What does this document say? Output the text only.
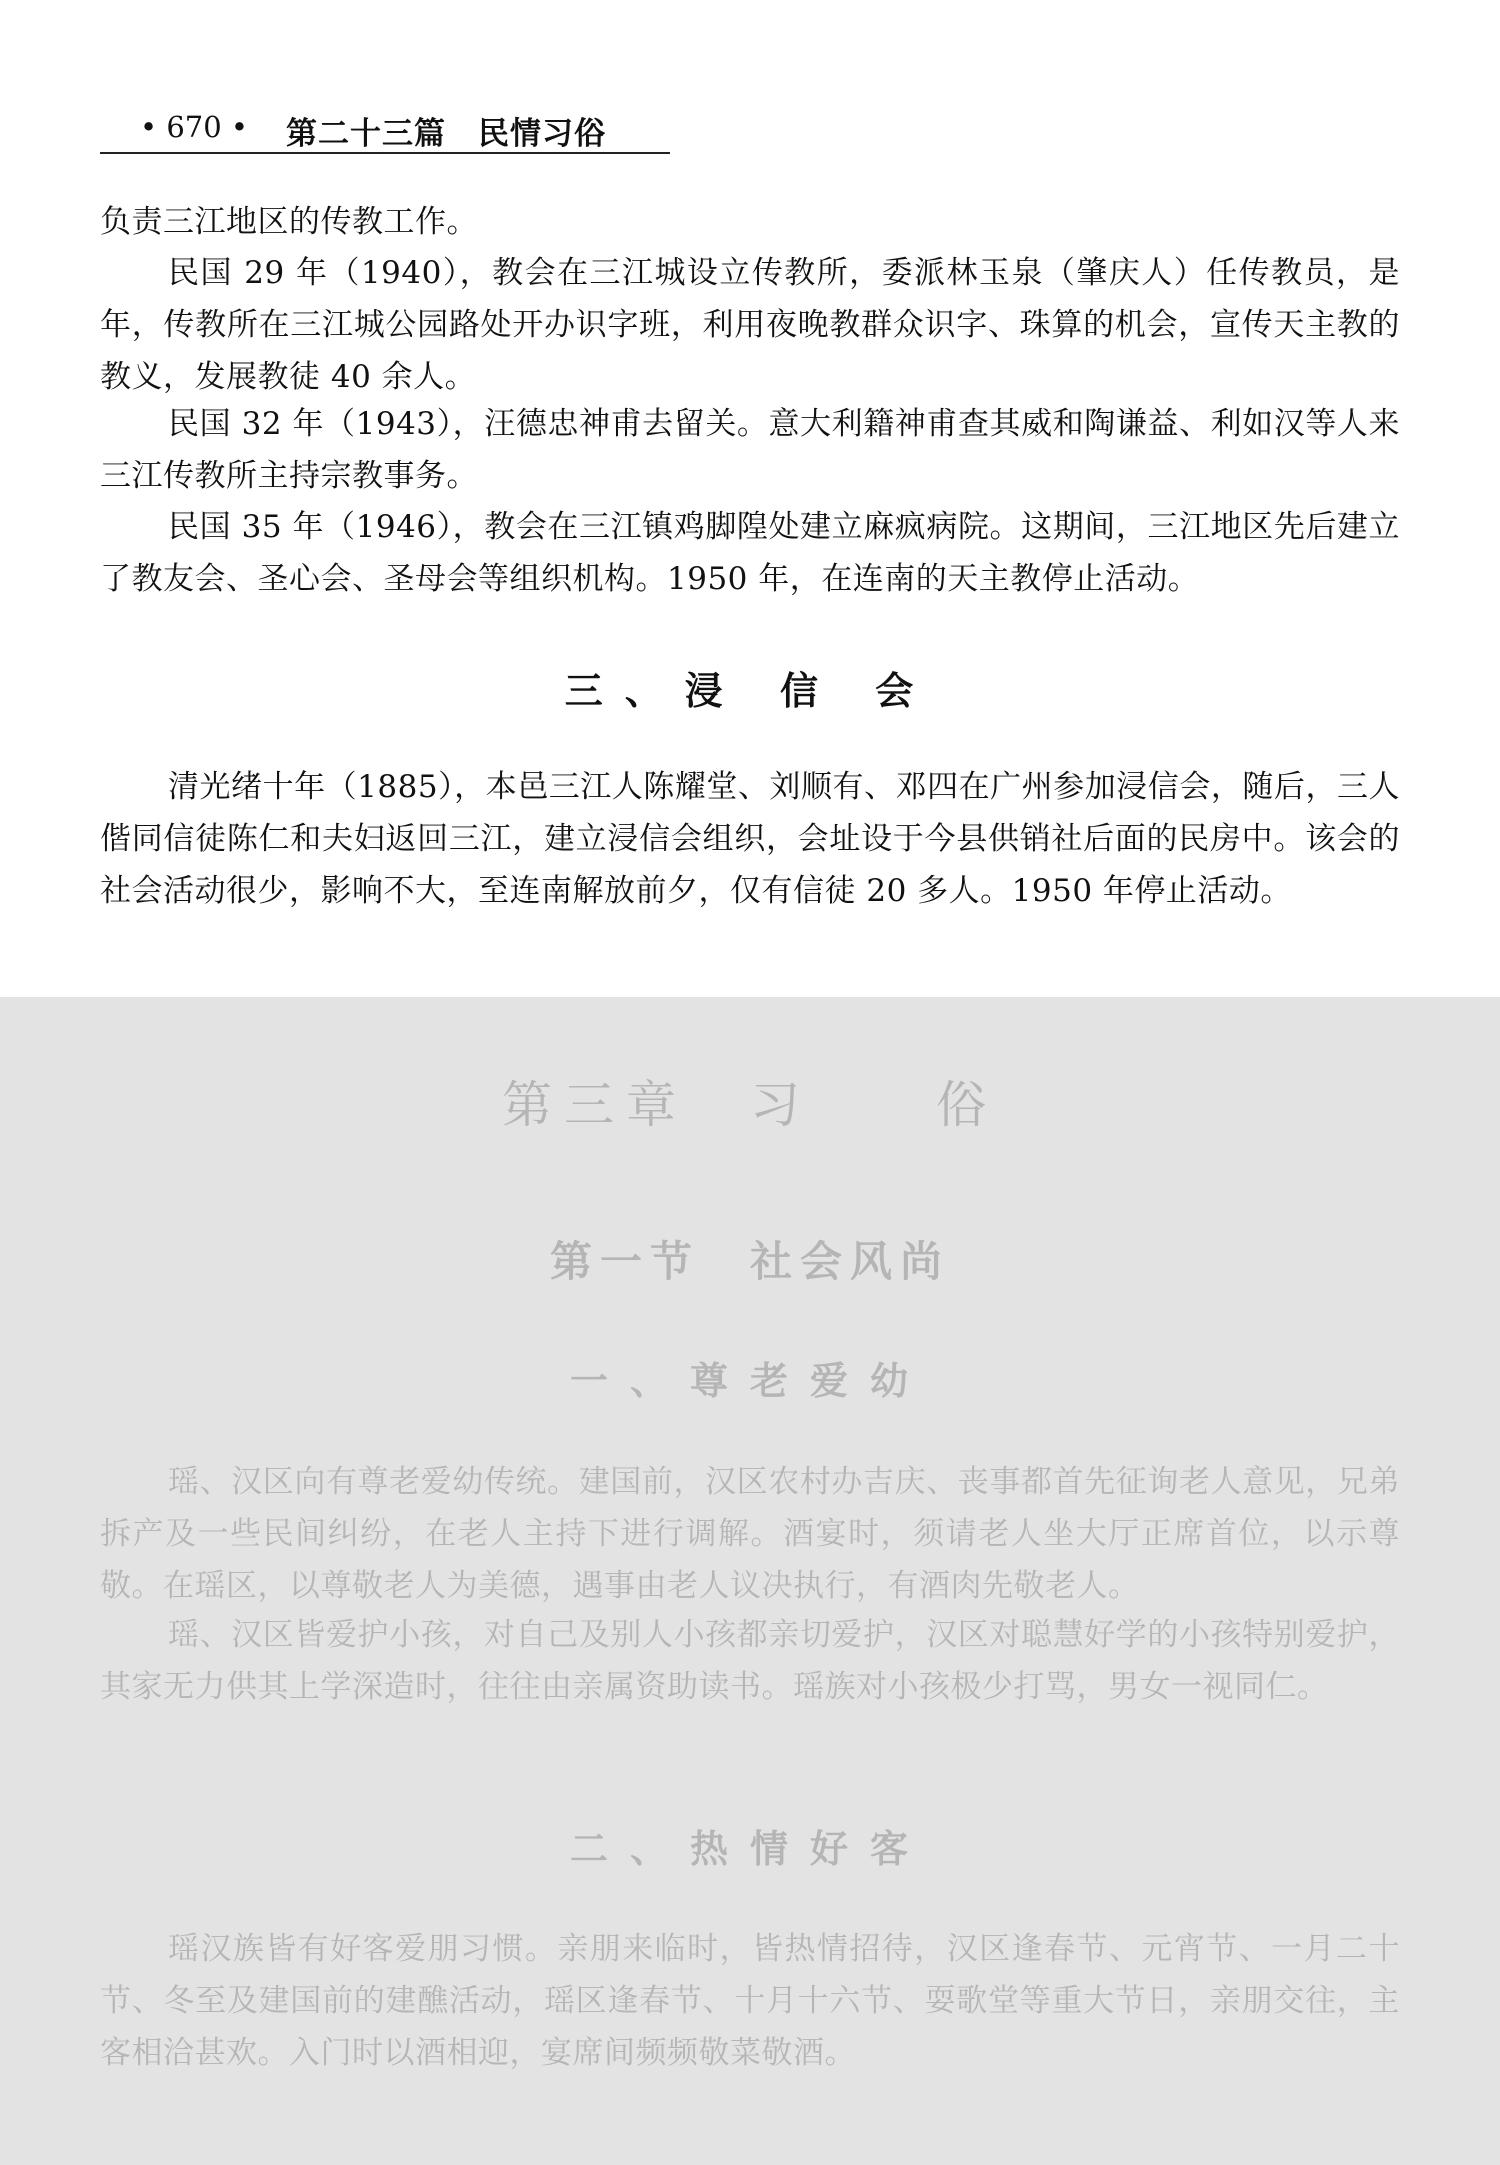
• 670 • 第二十三篇　民情习俗

负责三江地区的传教工作。

民国 29 年（1940），教会在三江城设立传教所，委派林玉泉（肇庆人）任传教员，是年，传教所在三江城公园路处开办识字班，利用夜晚教群众识字、珠算的机会，宣传天主教的教义，发展教徒 40 余人。

民国 32 年（1943），汪德忠神甫去留关。意大利籍神甫查其威和陶谦益、利如汉等人来三江传教所主持宗教事务。

民国 35 年（1946），教会在三江镇鸡脚隍处建立麻疯病院。这期间，三江地区先后建立了教友会、圣心会、圣母会等组织机构。1950 年，在连南的天主教停止活动。

三、浸 信 会

清光绪十年（1885），本邑三江人陈耀堂、刘顺有、邓四在广州参加浸信会，随后，三人偕同信徒陈仁和夫妇返回三江，建立浸信会组织，会址设于今县供销社后面的民房中。该会的社会活动很少，影响不大，至连南解放前夕，仅有信徒 20 多人。1950 年停止活动。

第三章　习　　俗
第一节　社会风尚
一、尊老爱幼

瑶、汉区向有尊老爱幼传统。建国前，汉区农村办吉庆、丧事都首先征询老人意见，兄弟拆产及一些民间纠纷，在老人主持下进行调解。酒宴时，须请老人坐大厅正席首位，以示尊敬。在瑶区，以尊敬老人为美德，遇事由老人议决执行，有酒肉先敬老人。

瑶、汉区皆爱护小孩，对自己及别人小孩都亲切爱护，汉区对聪慧好学的小孩特别爱护，其家无力供其上学深造时，往往由亲属资助读书。瑶族对小孩极少打骂，男女一视同仁。

二、热情好客

瑶汉族皆有好客爱朋习惯。亲朋来临时，皆热情招待，汉区逢春节、元宵节、一月二十节、冬至及建国前的建醮活动，瑶区逢春节、十月十六节、耍歌堂等重大节日，亲朋交往，主客相洽甚欢。入门时以酒相迎，宴席间频频敬菜敬酒。
